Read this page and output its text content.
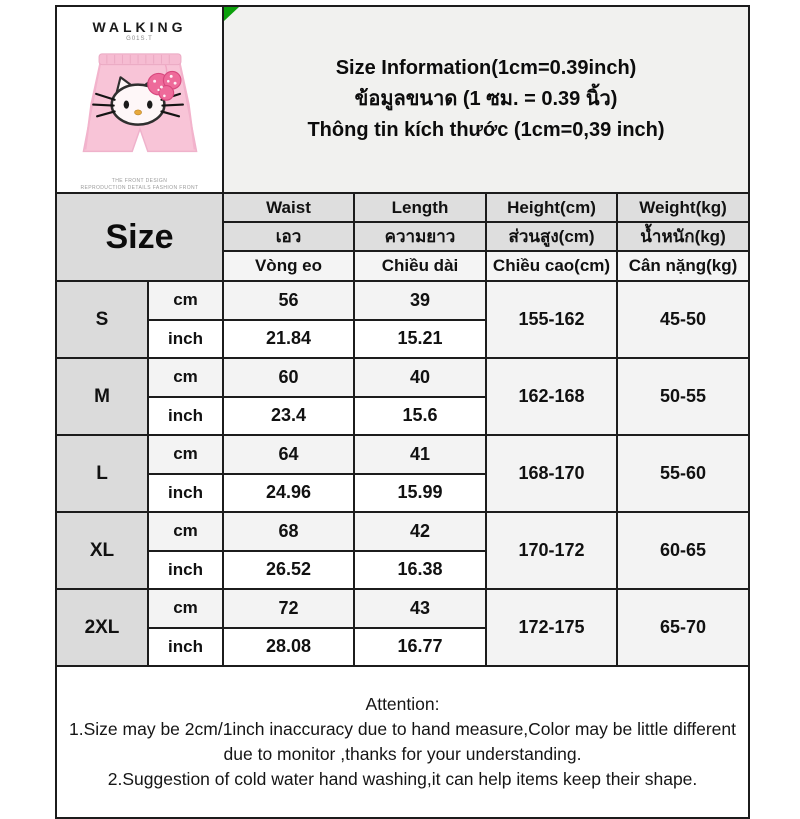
WALKING
G01S.T
THE FRONT DESIGN
REPRODUCTION DETAILS FASHION FRONT

Size Information(1cm=0.39inch)
ข้อมูลขนาด (1 ซม. = 0.39 นิ้ว)
Thông tin kích thước (1cm=0,39 inch)

Size		Waist	Length	Height(cm)	Weight(kg)
		เอว	ความยาว	ส่วนสูง(cm)	น้ำหนัก(kg)
		Vòng eo	Chiều dài	Chiều cao(cm)	Cân nặng(kg)
S	cm	56	39	155-162	45-50
	inch	21.84	15.21		
M	cm	60	40	162-168	50-55
	inch	23.4	15.6		
L	cm	64	41	168-170	55-60
	inch	24.96	15.99		
XL	cm	68	42	170-172	60-65
	inch	26.52	16.38		
2XL	cm	72	43	172-175	65-70
	inch	28.08	16.77		

Attention:
1.Size may be 2cm/1inch inaccuracy due to hand measure,Color may be little different due to monitor ,thanks for your understanding.
2.Suggestion of cold water hand washing,it can help items keep their shape.					
